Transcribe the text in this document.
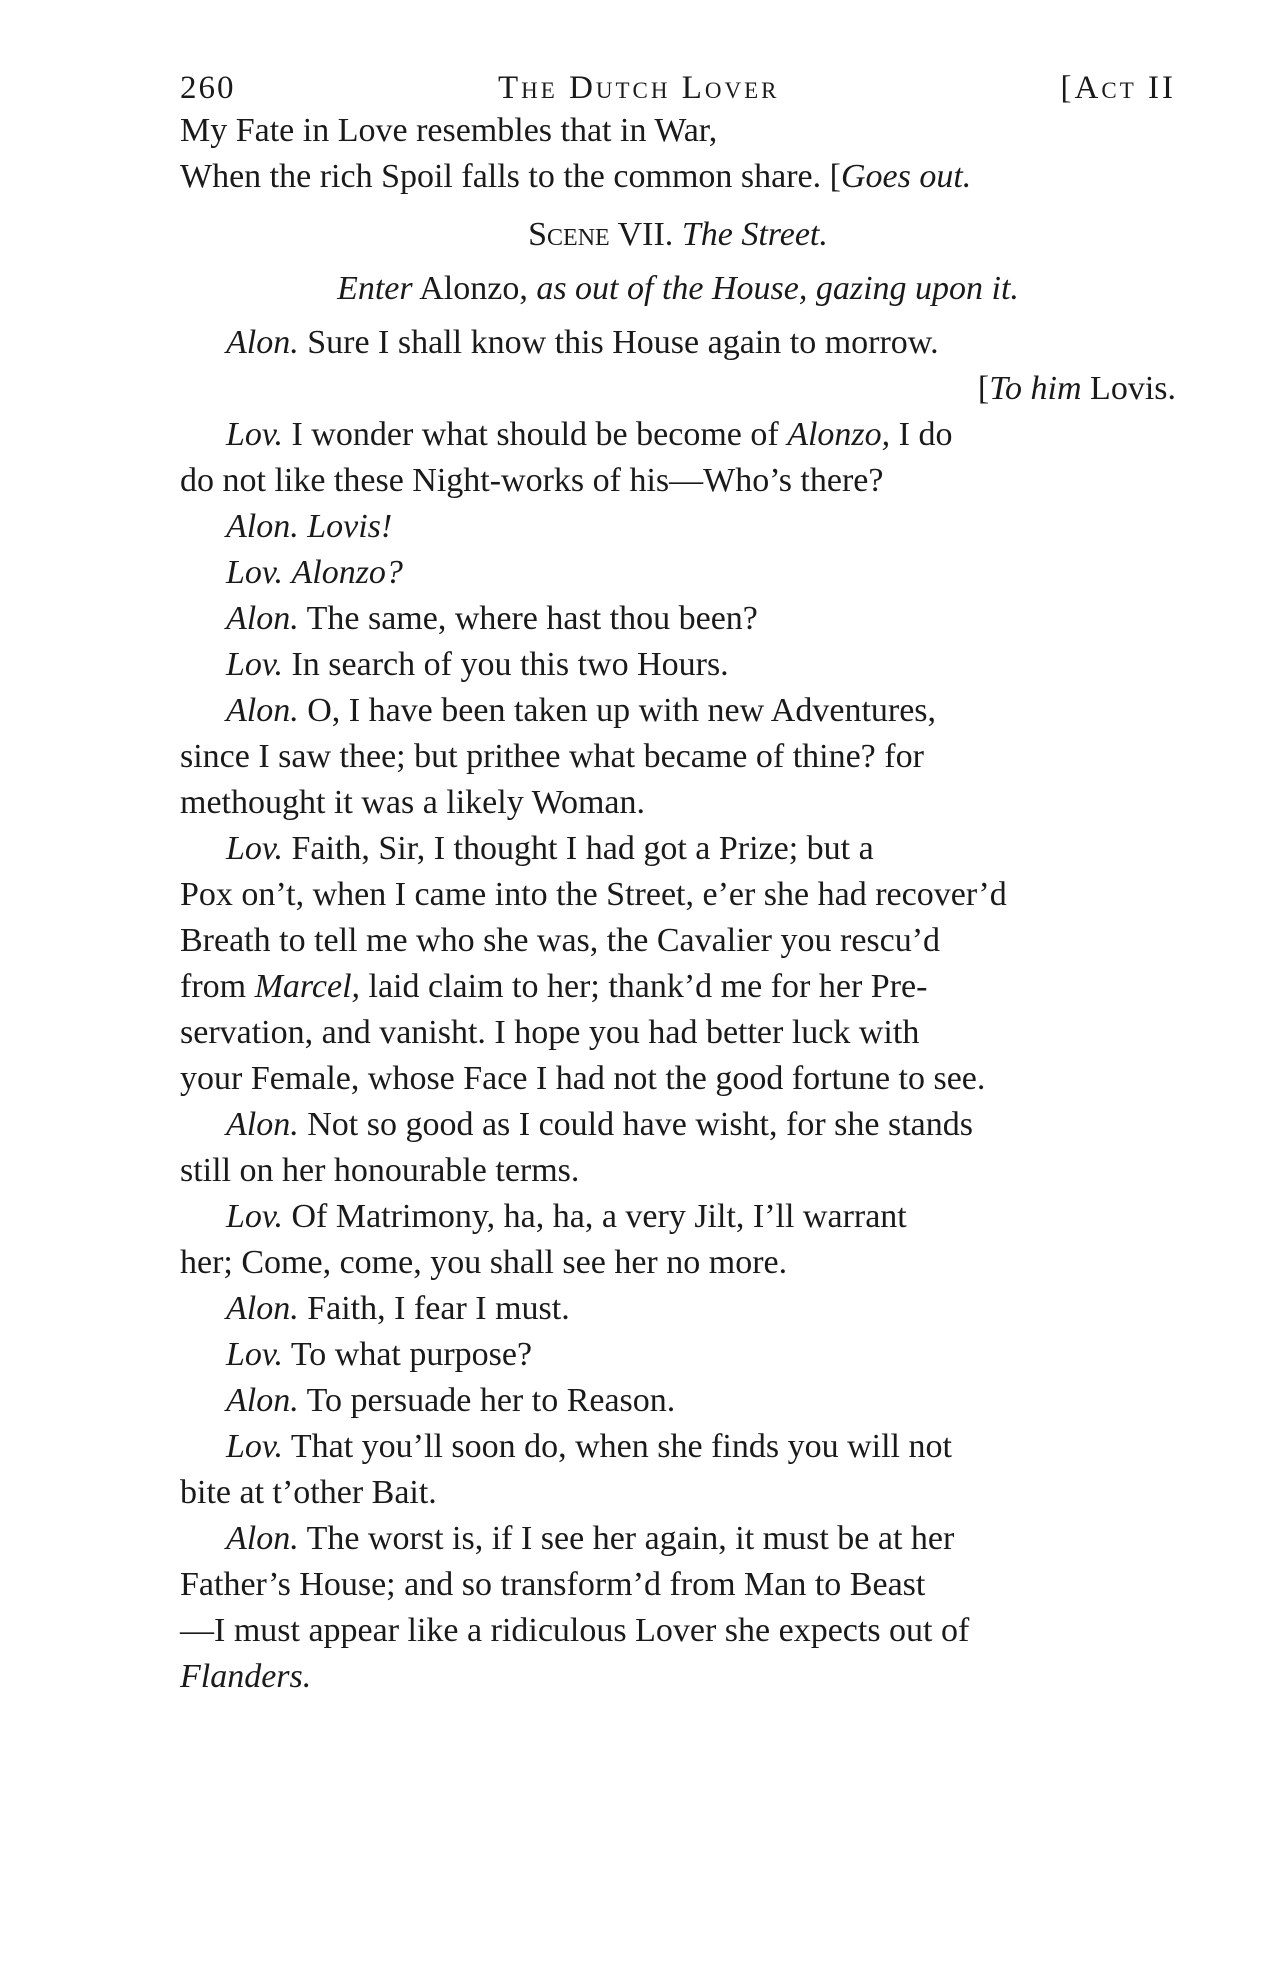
260	The Dutch Lover	[Act II
My Fate in Love resembles that in War,
When the rich Spoil falls to the common share. [Goes out.
Scene VII. The Street.
Enter Alonzo, as out of the House, gazing upon it.
Alon. Sure I shall know this House again to morrow.
[To him Lovis.
Lov. I wonder what should be become of Alonzo, I do
do not like these Night-works of his—Who’s there?
Alon. Lovis!
Lov. Alonzo?
Alon. The same, where hast thou been?
Lov. In search of you this two Hours.
Alon. O, I have been taken up with new Adventures,
since I saw thee; but prithee what became of thine? for
methought it was a likely Woman.
Lov. Faith, Sir, I thought I had got a Prize; but a
Pox on’t, when I came into the Street, e’er she had recover’d
Breath to tell me who she was, the Cavalier you rescu’d
from Marcel, laid claim to her; thank’d me for her Pre-
servation, and vanisht. I hope you had better luck with
your Female, whose Face I had not the good fortune to see.
Alon. Not so good as I could have wisht, for she stands
still on her honourable terms.
Lov. Of Matrimony, ha, ha, a very Jilt, I’ll warrant
her; Come, come, you shall see her no more.
Alon. Faith, I fear I must.
Lov. To what purpose?
Alon. To persuade her to Reason.
Lov. That you’ll soon do, when she finds you will not
bite at t’other Bait.
Alon. The worst is, if I see her again, it must be at her
Father’s House; and so transform’d from Man to Beast
—I must appear like a ridiculous Lover she expects out of
Flanders.
